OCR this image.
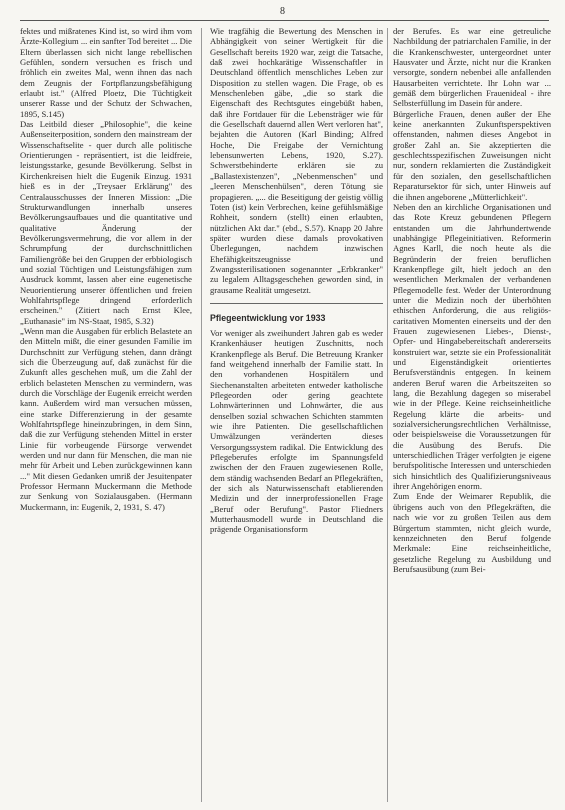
8

fektes und mißratenes Kind ist, so wird ihm vom Ärzte-Kollegium ... ein sanfter Tod bereitet ... Die Eltern überlassen sich nicht lange rebellischen Gefühlen, sondern versuchen es frisch und fröhlich ein zweites Mal, wenn ihnen das nach dem Zeugnis der Fortpflanzungsbefähigung erlaubt ist." (Alfred Ploetz, Die Tüchtigkeit unserer Rasse und der Schutz der Schwachen, 1895, S.145)

Das Leitbild dieser „Philosophie", die keine Außenseiterposition, sondern den mainstream der Wissenschaftselite - quer durch alle politische Orientierungen - repräsentiert, ist die leidfreie, leistungsstarke, gesunde Bevölkerung. Selbst in Kirchenkreisen hielt die Eugenik Einzug. 1931 hieß es in der „Treysaer Erklärung" des Centralausschusses der Inneren Mission: „Die Strukturwandlungen innerhalb unseres Bevölkerungsaufbaues und die quantitative und qualitative Änderung der Bevölkerungsvermehrung, die vor allem in der Schrumpfung der durchschnittlichen Familiengröße bei den Gruppen der erbbiologisch und sozial Tüchtigen und Leistungsfähigen zum Ausdruck kommt, lassen aber eine eugenetische Neuorientierung unserer öffentlichen und freien Wohlfahrtspflege dringend erforderlich erscheinen." (Zitiert nach Ernst Klee, „Euthanasie" im NS-Staat, 1985, S.32)

„Wenn man die Ausgaben für erblich Belastete an den Mitteln mißt, die einer gesunden Familie im Durchschnitt zur Verfügung stehen, dann drängt sich die Überzeugung auf, daß zunächst für die Zukunft alles geschehen muß, um die Zahl der erblich belasteten Menschen zu vermindern, was durch die Vorschläge der Eugenik erreicht werden kann. Außerdem wird man versuchen müssen, eine starke Differenzierung in der gesamte Wohlfahrtspflege hineinzubringen, in dem Sinn, daß die zur Verfügung stehenden Mittel in erster Linie für vorbeugende Fürsorge verwendet werden und nur dann für Menschen, die man nie mehr für Arbeit und Leben zurückgewinnen kann ..." Mit diesen Gedanken umriß der Jesuitenpater Professor Hermann Muckermann die Methode zur Senkung von Sozialausgaben. (Hermann Muckermann, in: Eugenik, 2, 1931, S. 47)

Wie tragfähig die Bewertung des Menschen in Abhängigkeit von seiner Wertigkeit für die Gesellschaft bereits 1920 war, zeigt die Tatsache, daß zwei hochkarätige Wissenschaftler in Deutschland öffentlich menschliches Leben zur Disposition zu stellen wagen. Die Frage, ob es Menschenleben gäbe, „die so stark die Eigenschaft des Rechtsgutes eingebüßt haben, daß ihre Fortdauer für die Lebensträger wie für die Gesellschaft dauernd allen Wert verloren hat", bejahten die Autoren (Karl Binding; Alfred Hoche, Die Freigabe der Vernichtung lebensunwerten Lebens, 1920, S.27). Schwerstbehinderte erklären sie zu „Ballastexistenzen", „Nebenmenschen" und „leeren Menschenhülsen", deren Tötung sie propagieren. „... die Beseitigung der geistig völlig Toten (ist) kein Verbrechen, keine gefühlsmäßige Rohheit, sondern (stellt) einen erlaubten, nützlichen Akt dar." (ebd., S.57). Knapp 20 Jahre später wurden diese damals provokativen Überlegungen, nachdem inzwischen Ehefähigkeitszeugnisse und Zwangssterilisationen sogenannter „Erbkranker" zu legalem Alltagsgeschehen geworden sind, in grausame Realität umgesetzt.

Pflegeentwicklung vor 1933

Vor weniger als zweihundert Jahren gab es weder Krankenhäuser heutigen Zuschnitts, noch Krankenpflege als Beruf. Die Betreuung Kranker fand weitgehend innerhalb der Familie statt. In den vorhandenen Hospitälern und Siechenanstalten arbeiteten entweder katholische Pflegeorden oder gering geachtete Lohnwärterinnen und Lohnwärter, die aus denselben sozial schwachen Schichten stammten wie ihre Patienten. Die gesellschaftlichen Umwälzungen veränderten dieses Versorgungssystem radikal. Die Entwicklung des Pflegeberufes erfolgte im Spannungsfeld zwischen der den Frauen zugewiesenen Rolle, dem ständig wachsenden Bedarf an Pflegekräften, der sich als Naturwissenschaft etablierenden Medizin und der innerprofessionellen Frage „Beruf oder Berufung". Pastor Fliedners Mutterhausmodell wurde in Deutschland die prägende Organisationsform

der Berufes. Es war eine getreuliche Nachbildung der patriarchalen Familie, in der die Krankenschwester, untergeordnet unter Hausvater und Ärzte, nicht nur die Kranken versorgte, sondern nebenbei alle anfallenden Hausarbeiten verrichtete. Ihr Lohn war ... gemäß dem bürgerlichen Frauenideal - ihre Selbsterfüllung im Dasein für andere.

Bürgerliche Frauen, denen außer der Ehe keine anerkannten Zukunftsperspektiven offenstanden, nahmen dieses Angebot in großer Zahl an. Sie akzeptierten die geschlechtsspezifischen Zuweisungen nicht nur, sondern reklamierten die Zuständigkeit für den sozialen, den gesellschaftlichen Reparatursektor für sich, unter Hinweis auf die ihnen angeborene „Mütterlichkeit".

Neben den an kirchliche Organisationen und das Rote Kreuz gebundenen Pflegern entstanden um die Jahrhundertwende unabhängige Pflegeinitiativen. Reformerin Agnes Karll, die noch heute als die Begründerin der freien beruflichen Krankenpflege gilt, hielt jedoch an den wesentlichen Merkmalen der verbandenen Pflegemodelle fest. Weder der Unterordnung unter die Medizin noch der überhöhten ethischen Anforderung, die aus religiös-caritativen Momenten einerseits und der den Frauen zugewiesenen Liebes-, Dienst-, Opfer- und Hingabebereitschaft andererseits konstruiert war, setzte sie ein Professionalität und Eigenständigkeit orientiertes Berufsverständnis entgegen. In keinem anderen Beruf waren die Arbeitszeiten so lang, die Bezahlung dagegen so miserabel wie in der Pflege. Keine reichseinheitliche Regelung klärte die arbeits- und sozialversicherungsrechtlichen Verhältnisse, oder beispielsweise die Voraussetzungen für die Ausübung des Berufs. Die unterschiedlichen Träger verfolgten je eigene berufspolitische Interessen und unterschieden sich hinsichtlich des Qualifizierungsniveaus ihrer Angehörigen enorm.

Zum Ende der Weimarer Republik, die übrigens auch von den Pflegekräften, die nach wie vor zu großen Teilen aus dem Bürgertum stammten, nicht gleich wurde, kennzeichneten den Beruf folgende Merkmale: Eine reichseinheitliche, gesetzliche Regelung zu Ausbildung und Berufsausübung (zum Bei-
